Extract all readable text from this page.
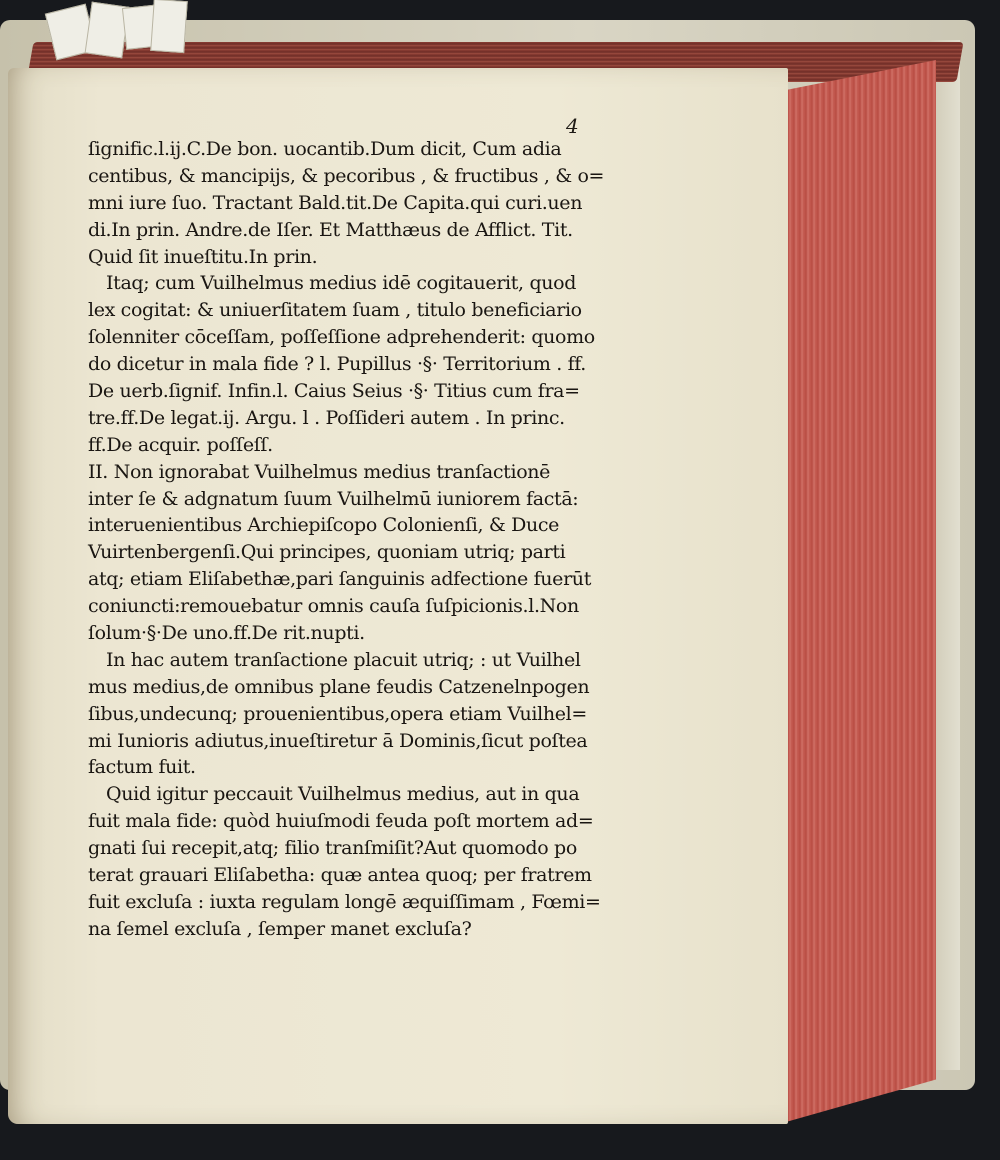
4
ſignific.l.ij.C.De bon. uocantib.Dum dicit, Cum adia
centibus, & mancipijs, & pecoribus , & fructibus , & o=
mni iure ſuo. Tractant Bald.tit.De Capita.qui curi.uen
di.In prin. Andre.de Iſer. Et Matthæus de Afflict. Tit.
Quid ſit inueſtitu.In prin.
Itaq; cum Vuilhelmus medius idē cogitauerit, quod
lex cogitat: & uniuerſitatem ſuam , titulo beneficiario
ſolenniter cōceſſam, poſſeſſione adprehenderit: quomo
do dicetur in mala fide ? l. Pupillus ·§· Territorium . ff.
De uerb.ſignif. Infin.l. Caius Seius ·§· Titius cum fra=
tre.ff.De legat.ij. Argu. l . Poſſideri autem . In princ.
ff.De acquir. poſſeſſ.
II. Non ignorabat Vuilhelmus medius tranſactionē
inter ſe & adgnatum ſuum Vuilhelmū iuniorem factā:
interuenientibus Archiepiſcopo Colonienſi, & Duce
Vuirtenbergenſi.Qui principes, quoniam utriq; parti
atq; etiam Eliſabethæ,pari ſanguinis adfectione fuerūt
coniuncti:remouebatur omnis cauſa ſuſpicionis.l.Non
ſolum·§·De uno.ff.De rit.nupti.
In hac autem tranſactione placuit utriq; : ut Vuilhel
mus medius,de omnibus plane feudis Catzenelnpogen
ſibus,undecunq; prouenientibus,opera etiam Vuilhel=
mi Iunioris adiutus,inueſtiretur ā Dominis,ſicut poſtea
factum fuit.
Quid igitur peccauit Vuilhelmus medius, aut in qua
fuit mala fide: quòd huiuſmodi feuda poſt mortem ad=
gnati ſui recepit,atq; filio tranſmiſit?Aut quomodo po
terat grauari Eliſabetha: quæ antea quoq; per fratrem
fuit excluſa : iuxta regulam longē æquiſſimam , Fœmi=
na ſemel excluſa , ſemper manet excluſa?
